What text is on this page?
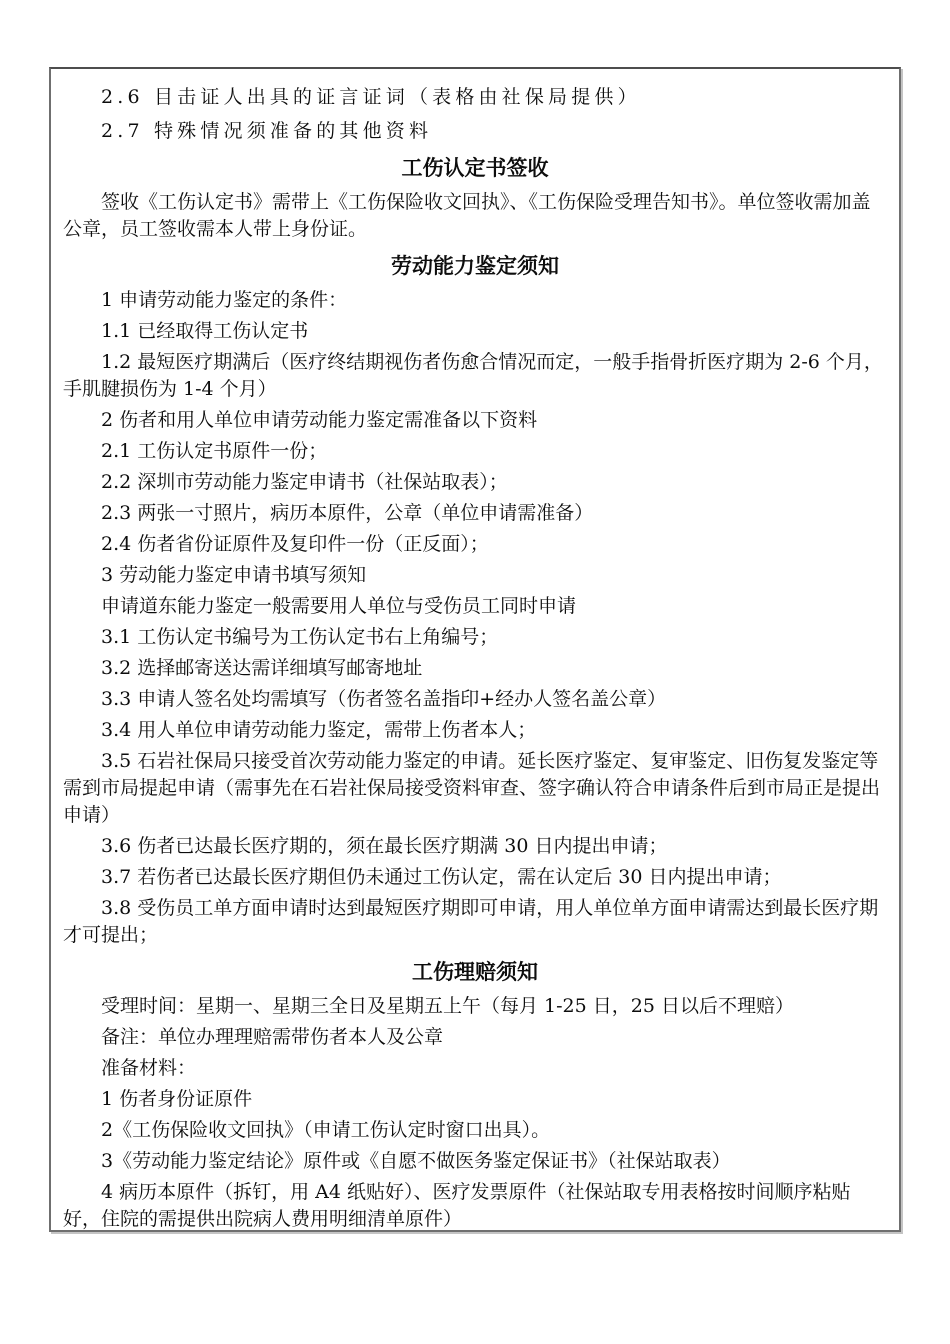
2.6 目击证人出具的证言证词（表格由社保局提供）

2.7 特殊情况须准备的其他资料

工伤认定书签收

签收《工伤认定书》需带上《工伤保险收文回执》、《工伤保险受理告知书》。单位签收需加盖公章，员工签收需本人带上身份证。

劳动能力鉴定须知

1 申请劳动能力鉴定的条件：

1.1 已经取得工伤认定书

1.2 最短医疗期满后（医疗终结期视伤者伤愈合情况而定，一般手指骨折医疗期为 2-6 个月，手肌腱损伤为 1-4 个月）

2 伤者和用人单位申请劳动能力鉴定需准备以下资料

2.1 工伤认定书原件一份；

2.2 深圳市劳动能力鉴定申请书（社保站取表）；

2.3 两张一寸照片，病历本原件，公章（单位申请需准备）

2.4 伤者省份证原件及复印件一份（正反面）；

3 劳动能力鉴定申请书填写须知

申请道东能力鉴定一般需要用人单位与受伤员工同时申请

3.1 工伤认定书编号为工伤认定书右上角编号；

3.2 选择邮寄送达需详细填写邮寄地址

3.3 申请人签名处均需填写（伤者签名盖指印+经办人签名盖公章）

3.4 用人单位申请劳动能力鉴定，需带上伤者本人；

3.5 石岩社保局只接受首次劳动能力鉴定的申请。延长医疗鉴定、复审鉴定、旧伤复发鉴定等需到市局提起申请（需事先在石岩社保局接受资料审查、签字确认符合申请条件后到市局正是提出申请）

3.6 伤者已达最长医疗期的，须在最长医疗期满 30 日内提出申请；

3.7 若伤者已达最长医疗期但仍未通过工伤认定，需在认定后 30 日内提出申请；

3.8 受伤员工单方面申请时达到最短医疗期即可申请，用人单位单方面申请需达到最长医疗期才可提出；

工伤理赔须知

受理时间：星期一、星期三全日及星期五上午（每月 1-25 日，25 日以后不理赔）

备注：单位办理理赔需带伤者本人及公章

准备材料：

1 伤者身份证原件

2《工伤保险收文回执》（申请工伤认定时窗口出具）。

3《劳动能力鉴定结论》原件或《自愿不做医务鉴定保证书》（社保站取表）

4 病历本原件（拆钉，用 A4 纸贴好）、医疗发票原件（社保站取专用表格按时间顺序粘贴好，住院的需提供出院病人费用明细清单原件）
